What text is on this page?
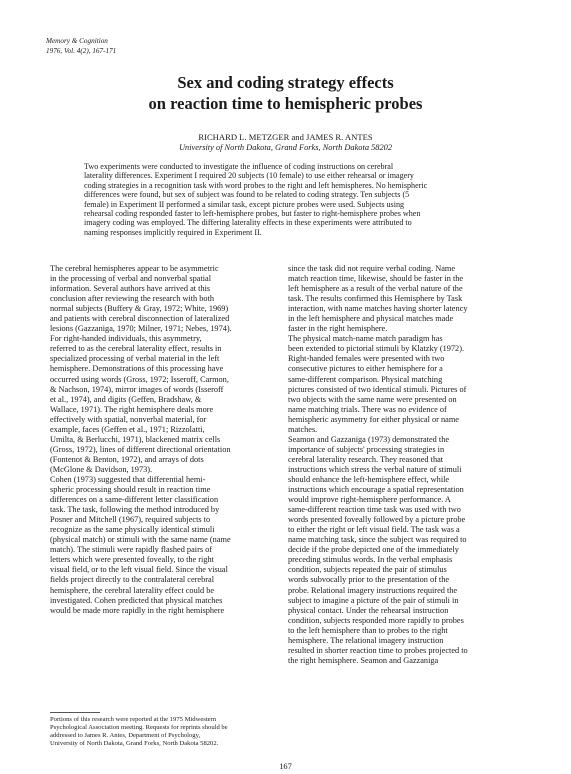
Memory & Cognition
1976, Vol. 4(2), 167-171
Sex and coding strategy effects
on reaction time to hemispheric probes
RICHARD L. METZGER and JAMES R. ANTES
University of North Dakota, Grand Forks, North Dakota 58202
Two experiments were conducted to investigate the influence of coding instructions on cerebral
laterality differences. Experiment I required 20 subjects (10 female) to use either rehearsal or imagery
coding strategies in a recognition task with word probes to the right and left hemispheres. No hemispheric
differences were found, but sex of subject was found to be related to coding strategy. Ten subjects (5
female) in Experiment II performed a similar task, except picture probes were used. Subjects using
rehearsal coding responded faster to left-hemisphere probes, but faster to right-hemisphere probes when
imagery coding was employed. The differing laterality effects in these experiments were attributed to
naming responses implicitly required in Experiment II.
The cerebral hemispheres appear to be asymmetric
in the processing of verbal and nonverbal spatial
information. Several authors have arrived at this
conclusion after reviewing the research with both
normal subjects (Buffery & Gray, 1972; White, 1969)
and patients with cerebral disconnection of lateralized
lesions (Gazzaniga, 1970; Milner, 1971; Nebes, 1974).
For right-handed individuals, this asymmetry,
referred to as the cerebral laterality effect, results in
specialized processing of verbal material in the left
hemisphere. Demonstrations of this processing have
occurred using words (Gross, 1972; Isseroff, Carmon,
& Nachson, 1974), mirror images of words (Isseroff
et al., 1974), and digits (Geffen, Bradshaw, &
Wallace, 1971). The right hemisphere deals more
effectively with spatial, nonverbal material, for
example, faces (Geffen et al., 1971; Rizzolatti,
Umilta, & Berlucchi, 1971), blackened matrix cells
(Gross, 1972), lines of different directional orientation
(Fontenot & Benton, 1972), and arrays of dots
(McGlone & Davidson, 1973).
Cohen (1973) suggested that differential hemi-
spheric processing should result in reaction time
differences on a same-different letter classification
task. The task, following the method introduced by
Posner and Mitchell (1967), required subjects to
recognize as the same physically identical stimuli
(physical match) or stimuli with the same name (name
match). The stimuli were rapidly flashed pairs of
letters which were presented foveally, to the right
visual field, or to the left visual field. Since the visual
fields project directly to the contralateral cerebral
hemisphere, the cerebral laterality effect could be
investigated. Cohen predicted that physical matches
would be made more rapidly in the right hemisphere
since the task did not require verbal coding. Name
match reaction time, likewise, should be faster in the
left hemisphere as a result of the verbal nature of the
task. The results confirmed this Hemisphere by Task
interaction, with name matches having shorter latency
in the left hemisphere and physical matches made
faster in the right hemisphere.
The physical match-name match paradigm has
been extended to pictorial stimuli by Klatzky (1972).
Right-handed females were presented with two
consecutive pictures to either hemisphere for a
same-different comparison. Physical matching
pictures consisted of two identical stimuli. Pictures of
two objects with the same name were presented on
name matching trials. There was no evidence of
hemispheric asymmetry for either physical or name
matches.
Seamon and Gazzaniga (1973) demonstrated the
importance of subjects' processing strategies in
cerebral laterality research. They reasoned that
instructions which stress the verbal nature of stimuli
should enhance the left-hemisphere effect, while
instructions which encourage a spatial representation
would improve right-hemisphere performance. A
same-different reaction time task was used with two
words presented foveally followed by a picture probe
to either the right or left visual field. The task was a
name matching task, since the subject was required to
decide if the probe depicted one of the immediately
preceding stimulus words. In the verbal emphasis
condition, subjects repeated the pair of stimulus
words subvocally prior to the presentation of the
probe. Relational imagery instructions required the
subject to imagine a picture of the pair of stimuli in
physical contact. Under the rehearsal instruction
condition, subjects responded more rapidly to probes
to the left hemisphere than to probes to the right
hemisphere. The relational imagery instruction
resulted in shorter reaction time to probes projected to
the right hemisphere. Seamon and Gazzaniga
Portions of this research were reported at the 1975 Midwestern
Psychological Association meeting. Requests for reprints should be
addressed to James R. Antes, Department of Psychology,
University of North Dakota, Grand Forks, North Dakota 58202.
167
